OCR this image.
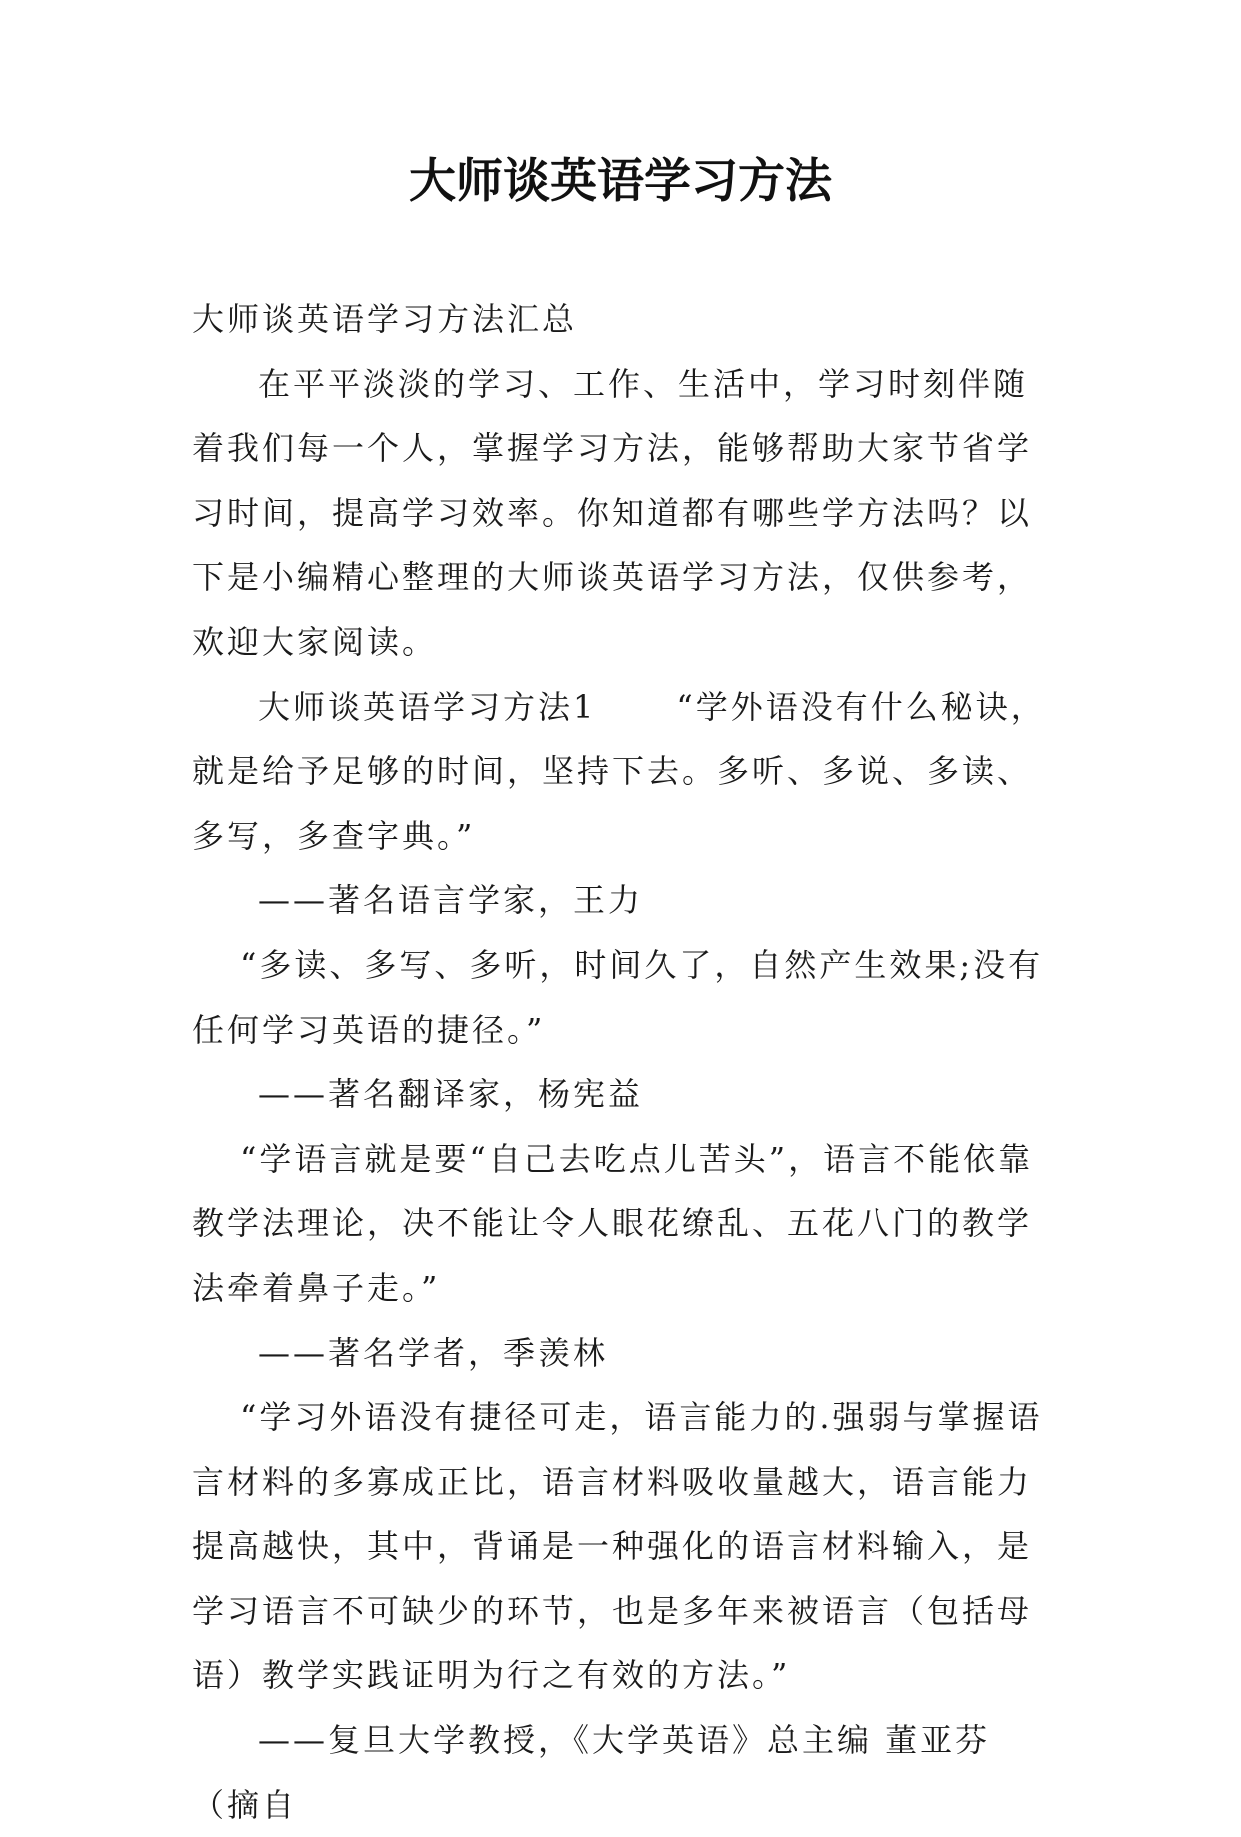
大师谈英语学习方法

大师谈英语学习方法汇总

在平平淡淡的学习、工作、生活中，学习时刻伴随着我们每一个人，掌握学习方法，能够帮助大家节省学习时间，提高学习效率。你知道都有哪些学方法吗？以下是小编精心整理的大师谈英语学习方法，仅供参考，欢迎大家阅读。

大师谈英语学习方法1	“学外语没有什么秘诀，就是给予足够的时间，坚持下去。多听、多说、多读、多写，多查字典。”

——著名语言学家，王力

“多读、多写、多听，时间久了，自然产生效果;没有任何学习英语的捷径。”

——著名翻译家，杨宪益

“学语言就是要“自己去吃点儿苦头”，语言不能依靠教学法理论，决不能让令人眼花缭乱、五花八门的教学法牵着鼻子走。”

——著名学者，季羡林

“学习外语没有捷径可走，语言能力的.强弱与掌握语言材料的多寡成正比，语言材料吸收量越大，语言能力 提高越快，其中，背诵是一种强化的语言材料输入，是学习语言不可缺少的环节，也是多年来被语言（包括母 语）教学实践证明为行之有效的方法。”

——复旦大学教授，《大学英语》总主编 董亚芬（摘自
